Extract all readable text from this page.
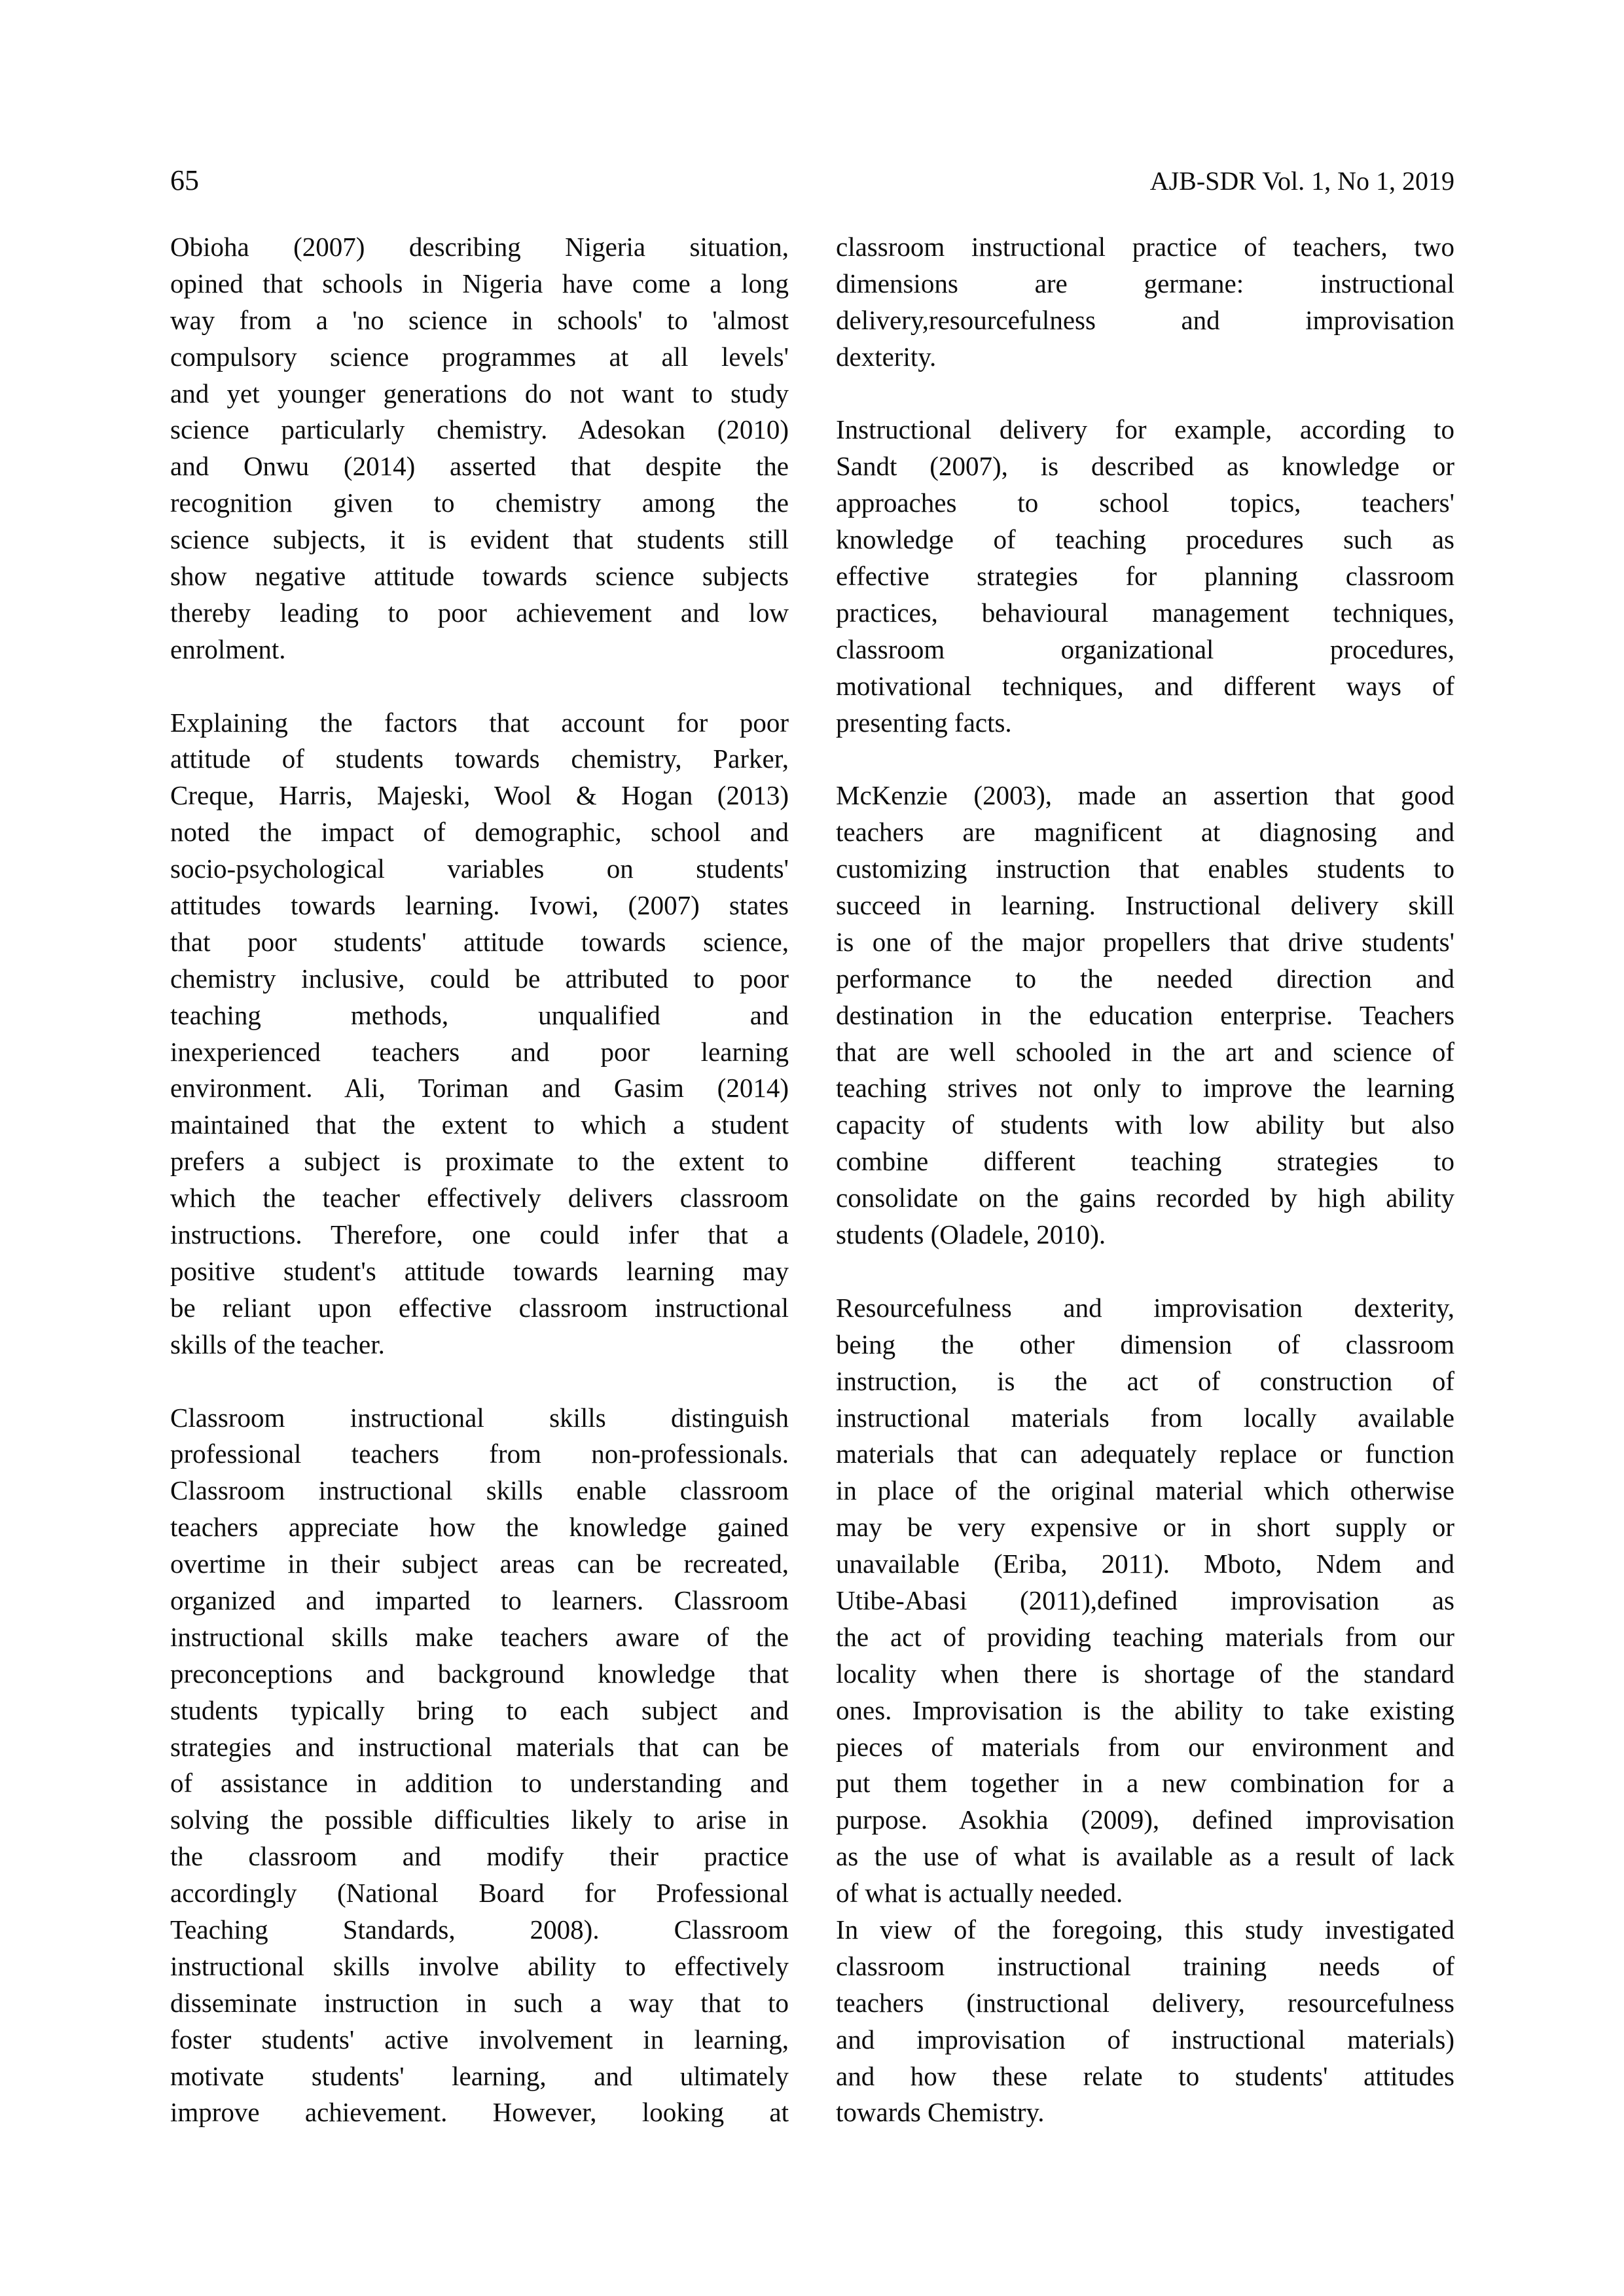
65	AJB-SDR Vol. 1, No 1, 2019
Obioha (2007) describing Nigeria situation,
opined that schools in Nigeria have come a long
way from a 'no science in schools' to 'almost
compulsory science programmes at all levels'
and yet younger generations do not want to study
science particularly chemistry. Adesokan (2010)
and Onwu (2014) asserted that despite the
recognition given to chemistry among the
science subjects, it is evident that students still
show negative attitude towards science subjects
thereby leading to poor achievement and low
enrolment.
Explaining the factors that account for poor
attitude of students towards chemistry, Parker,
Creque, Harris, Majeski, Wool & Hogan (2013)
noted the impact of demographic, school and
socio-psychological variables on students'
attitudes towards learning. Ivowi, (2007) states
that poor students' attitude towards science,
chemistry inclusive, could be attributed to poor
teaching methods, unqualified and
inexperienced teachers and poor learning
environment. Ali, Toriman and Gasim (2014)
maintained that the extent to which a student
prefers a subject is proximate to the extent to
which the teacher effectively delivers classroom
instructions. Therefore, one could infer that a
positive student's attitude towards learning may
be reliant upon effective classroom instructional
skills of the teacher.
Classroom instructional skills distinguish
professional teachers from non-professionals.
Classroom instructional skills enable classroom
teachers appreciate how the knowledge gained
overtime in their subject areas can be recreated,
organized and imparted to learners. Classroom
instructional skills make teachers aware of the
preconceptions and background knowledge that
students typically bring to each subject and
strategies and instructional materials that can be
of assistance in addition to understanding and
solving the possible difficulties likely to arise in
the classroom and modify their practice
accordingly (National Board for Professional
Teaching Standards, 2008). Classroom
instructional skills involve ability to effectively
disseminate instruction in such a way that to
foster students' active involvement in learning,
motivate students' learning, and ultimately
improve achievement. However, looking at
classroom instructional practice of teachers, two
dimensions are germane: instructional
delivery,resourcefulness and improvisation
dexterity.
Instructional delivery for example, according to
Sandt (2007), is described as knowledge or
approaches to school topics, teachers'
knowledge of teaching procedures such as
effective strategies for planning classroom
practices, behavioural management techniques,
classroom organizational procedures,
motivational techniques, and different ways of
presenting facts.
McKenzie (2003), made an assertion that good
teachers are magnificent at diagnosing and
customizing instruction that enables students to
succeed in learning. Instructional delivery skill
is one of the major propellers that drive students'
performance to the needed direction and
destination in the education enterprise. Teachers
that are well schooled in the art and science of
teaching strives not only to improve the learning
capacity of students with low ability but also
combine different teaching strategies to
consolidate on the gains recorded by high ability
students (Oladele, 2010).
Resourcefulness and improvisation dexterity,
being the other dimension of classroom
instruction, is the act of construction of
instructional materials from locally available
materials that can adequately replace or function
in place of the original material which otherwise
may be very expensive or in short supply or
unavailable (Eriba, 2011). Mboto, Ndem and
Utibe-Abasi (2011),defined improvisation as
the act of providing teaching materials from our
locality when there is shortage of the standard
ones. Improvisation is the ability to take existing
pieces of materials from our environment and
put them together in a new combination for a
purpose. Asokhia (2009), defined improvisation
as the use of what is available as a result of lack
of what is actually needed.
In view of the foregoing, this study investigated
classroom instructional training needs of
teachers (instructional delivery, resourcefulness
and improvisation of instructional materials)
and how these relate to students' attitudes
towards Chemistry.
